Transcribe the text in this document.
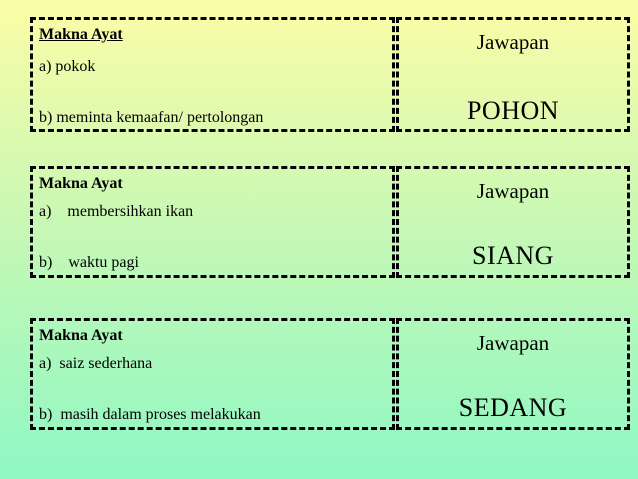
Makna Ayat
a) pokok
b) meminta kemaafan/ pertolongan
Jawapan
POHON
Makna Ayat
a)    membersihkan ikan
b)    waktu pagi
Jawapan
SIANG
Makna Ayat
a)  saiz sederhana
b)  masih dalam proses melakukan
Jawapan
SEDANG
